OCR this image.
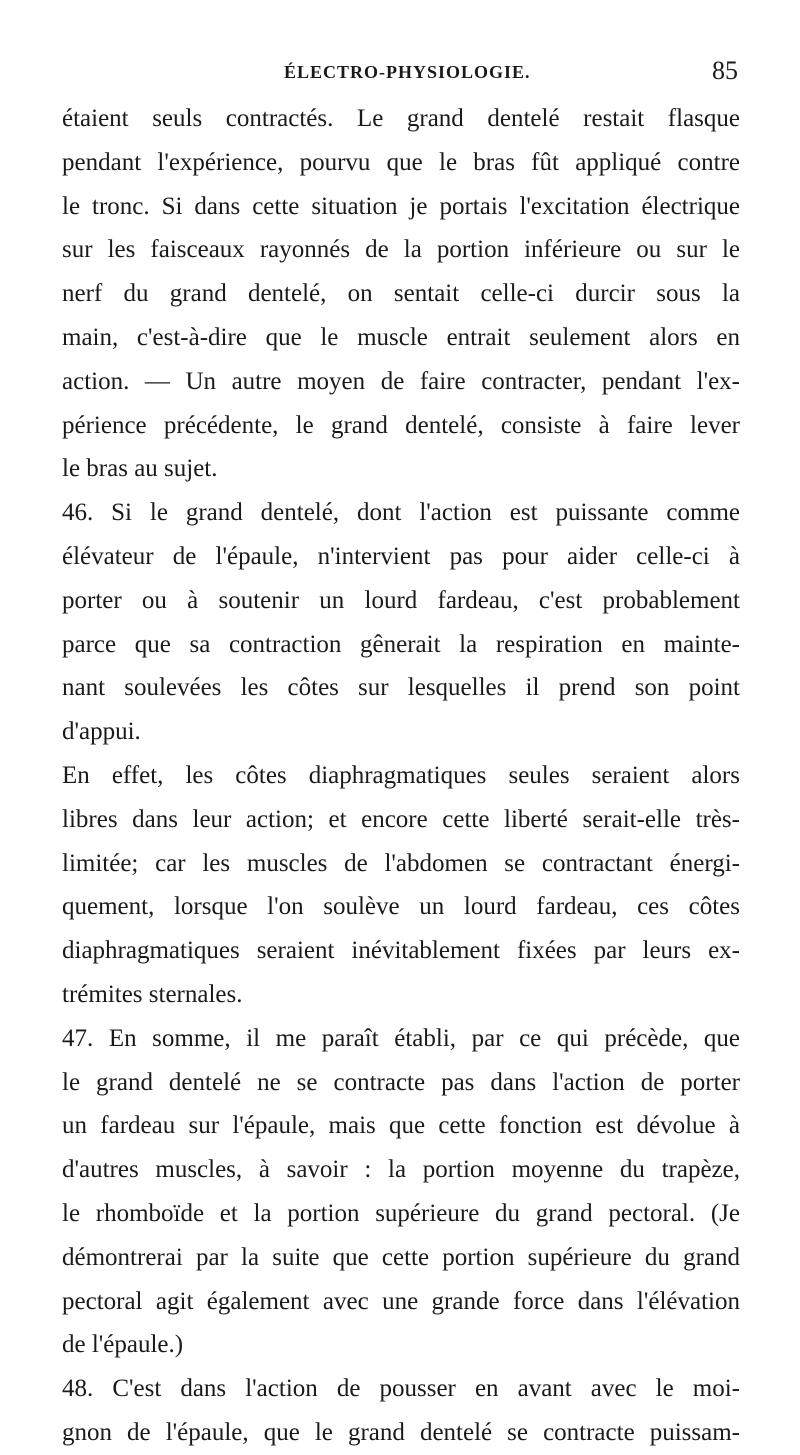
ÉLECTRO-PHYSIOLOGIE.	85
étaient seuls contractés. Le grand dentelé restait flasque
pendant l'expérience, pourvu que le bras fût appliqué contre
le tronc. Si dans cette situation je portais l'excitation électrique
sur les faisceaux rayonnés de la portion inférieure ou sur le
nerf du grand dentelé, on sentait celle-ci durcir sous la
main, c'est-à-dire que le muscle entrait seulement alors en
action. — Un autre moyen de faire contracter, pendant l'ex-
périence précédente, le grand dentelé, consiste à faire lever
le bras au sujet.
46. Si le grand dentelé, dont l'action est puissante comme
élévateur de l'épaule, n'intervient pas pour aider celle-ci à
porter ou à soutenir un lourd fardeau, c'est probablement
parce que sa contraction gênerait la respiration en mainte-
nant soulevées les côtes sur lesquelles il prend son point
d'appui.
En effet, les côtes diaphragmatiques seules seraient alors
libres dans leur action; et encore cette liberté serait-elle très-
limitée; car les muscles de l'abdomen se contractant énergi-
quement, lorsque l'on soulève un lourd fardeau, ces côtes
diaphragmatiques seraient inévitablement fixées par leurs ex-
trémites sternales.
47. En somme, il me paraît établi, par ce qui précède, que
le grand dentelé ne se contracte pas dans l'action de porter
un fardeau sur l'épaule, mais que cette fonction est dévolue à
d'autres muscles, à savoir : la portion moyenne du trapèze,
le rhomboïde et la portion supérieure du grand pectoral. (Je
démontrerai par la suite que cette portion supérieure du grand
pectoral agit également avec une grande force dans l'élévation
de l'épaule.)
48. C'est dans l'action de pousser en avant avec le moi-
gnon de l'épaule, que le grand dentelé se contracte puissam-
